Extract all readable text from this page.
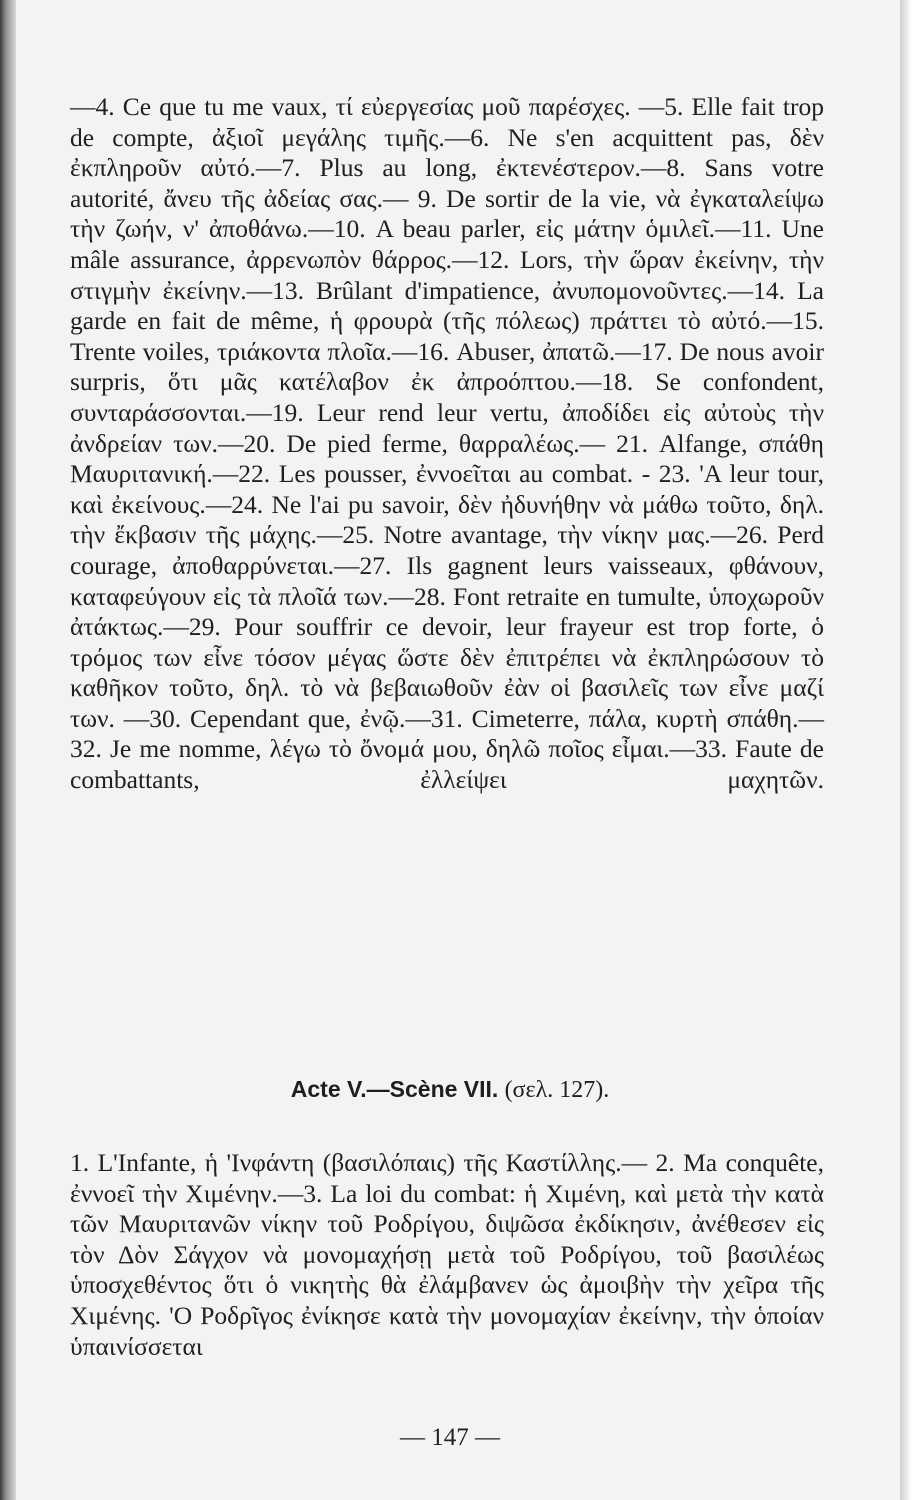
—4. Ce que tu me vaux, τί εὐεργεσίας μοῦ παρέσχες. —5. Elle fait trop de compte, ἀξιοῖ μεγάλης τιμῆς.—6. Ne s'en acquittent pas, δὲν ἐκπληροῦν αὐτό.—7. Plus au long, ἐκτενέστερον.—8. Sans votre autorité, ἄνευ τῆς ἀδείας σας.— 9. De sortir de la vie, νὰ ἐγκαταλείψω τὴν ζωήν, ν' ἀποθάνω.—10. A beau parler, εἰς μάτην ὁμιλεῖ.—11. Une mâle assurance, ἀρρενωπὸν θάρρος.—12. Lors, τὴν ὥραν ἐκείνην, τὴν στιγμὴν ἐκείνην.—13. Brûlant d'impatience, ἀνυπομονοῦντες.—14. La garde en fait de même, ἡ φρουρὰ (τῆς πόλεως) πράττει τὸ αὐτό.—15. Trente voiles, τριάκοντα πλοῖα.—16. Abuser, ἀπατῶ.—17. De nous avoir surpris, ὅτι μᾶς κατέλαβον ἐκ ἀπροόπτου.—18. Se confondent, συνταράσσονται.—19. Leur rend leur vertu, ἀποδίδει εἰς αὐτοὺς τὴν ἀνδρείαν των.—20. De pied ferme, θαρραλέως.— 21. Alfange, σπάθη Μαυριτανική.—22. Les pousser, ἐννοεῖται au combat. - 23. 'A leur tour, καὶ ἐκείνους.—24. Ne l'ai pu savoir, δὲν ἠδυνήθην νὰ μάθω τοῦτο, δηλ. τὴν ἔκβασιν τῆς μάχης.—25. Notre avantage, τὴν νίκην μας.—26. Perd courage, ἀποθαρρύνεται.—27. Ils gagnent leurs vaisseaux, φθάνουν, καταφεύγουν εἰς τὰ πλοῖά των.—28. Font retraite en tumulte, ὑποχωροῦν ἀτάκτως.—29. Pour souffrir ce devoir, leur frayeur est trop forte, ὁ τρόμος των εἶνε τόσον μέγας ὥστε δὲν ἐπιτρέπει νὰ ἐκπληρώσουν τὸ καθῆκον τοῦτο, δηλ. τὸ νὰ βεβαιωθοῦν ἐὰν οἱ βασιλεῖς των εἶνε μαζί των. —30. Cependant que, ἐνῷ.—31. Cimeterre, πάλα, κυρτὴ σπάθη.—32. Je me nomme, λέγω τὸ ὄνομά μου, δηλῶ ποῖος εἶμαι.—33. Faute de combattants, ἐλλείψει μαχητῶν.

Acte V.—Scène VII. (σελ. 127).

1. L'Infante, ἡ 'Ινφάντη (βασιλόπαις) τῆς Καστίλλης.— 2. Ma conquête, ἐννοεῖ τὴν Χιμένην.—3. La loi du combat: ἡ Χιμένη, καὶ μετὰ τὴν κατὰ τῶν Μαυριτανῶν νίκην τοῦ Ροδρίγου, διψῶσα ἐκδίκησιν, ἀνέθεσεν εἰς τὸν Δὸν Σάγχον νὰ μονομαχήσῃ μετὰ τοῦ Ροδρίγου, τοῦ βασιλέως ὑποσχεθέντος ὅτι ὁ νικητὴς θὰ ἐλάμβανεν ὡς ἀμοιβὴν τὴν χεῖρα τῆς Χιμένης. 'Ο Ροδρῖγος ἐνίκησε κατὰ τὴν μονομαχίαν ἐκείνην, τὴν ὁποίαν ὑπαινίσσεται

— 147 —
